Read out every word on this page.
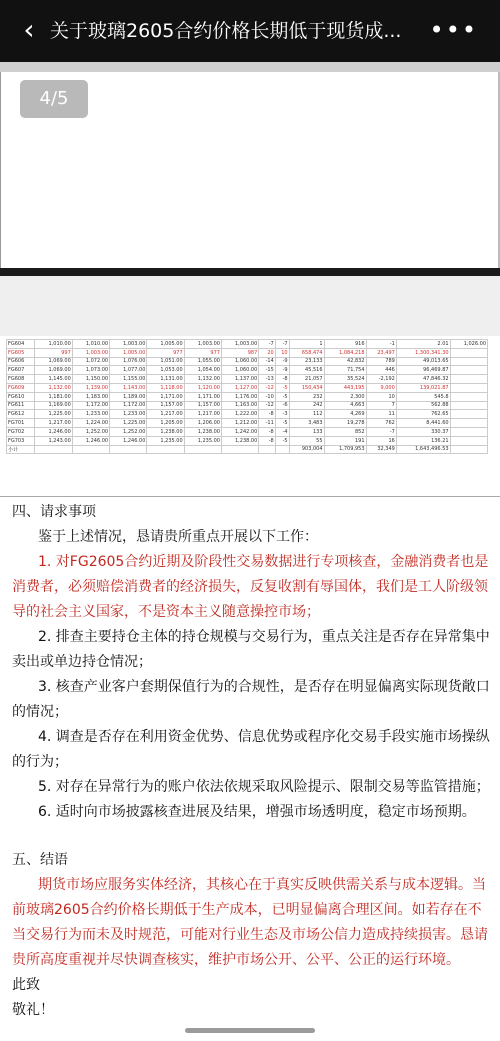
‹ 关于玻璃2605合约价格长期低于现货成...	•••
4/5
FG604	1,010.00	1,010.00	1,003.00	1,005.00	1,003.00	1,003.00	-7	-7	1	916	-1	2.01	1,026.00
FG605	997	1,003.00	1,005.00	977	977	987	20	10	658,474	1,084,218	23,497	1,300,341.30	
FG606	1,069.00	1,072.00	1,076.00	1,051.00	1,055.00	1,060.00	-14	-9	23,133	42,832	789	49,013.65	
FG607	1,069.00	1,073.00	1,077.00	1,053.00	1,054.00	1,060.00	-15	-9	45,516	71,754	446	96,469.87	
FG608	1,145.00	1,150.00	1,155.00	1,131.00	1,132.00	1,137.00	-13	-8	21,057	35,524	-2,192	47,846.32	
FG609	1,132.00	1,139.00	1,143.00	1,118.00	1,120.00	1,127.00	-12	-5	150,434	443,195	9,000	139,021.87	
FG610	1,181.00	1,183.00	1,189.00	1,171.00	1,171.00	1,176.00	-10	-5	232	2,300	10	545.8	
FG611	1,169.00	1,172.00	1,172.00	1,157.00	1,157.00	1,163.00	-12	-6	242	4,663	7	562.88	
FG612	1,225.00	1,233.00	1,233.00	1,217.00	1,217.00	1,222.00	-8	-3	112	4,269	11	762.65	
FG701	1,217.00	1,224.00	1,225.00	1,205.00	1,206.00	1,212.00	-11	-5	3,483	19,278	762	8,441.60	
FG702	1,246.00	1,252.00	1,252.00	1,238.00	1,238.00	1,242.00	-8	-4	133	852	-7	330.37	
FG703	1,243.00	1,246.00	1,246.00	1,235.00	1,235.00	1,238.00	-8	-5	55	191	16	136.21	
小计									903,004	1,709,953	32,349	1,643,496.53	

四、请求事项

鉴于上述情况，恳请贵所重点开展以下工作：

1. 对FG2605合约近期及阶段性交易数据进行专项核查，金融消费者也是消费者，必须赔偿消费者的经济损失，反复收割有辱国体，我们是工人阶级领导的社会主义国家，不是资本主义随意操控市场；

2. 排查主要持仓主体的持仓规模与交易行为，重点关注是否存在异常集中卖出或单边持仓情况；

3. 核查产业客户套期保值行为的合规性，是否存在明显偏离实际现货敞口的情况；

4. 调查是否存在利用资金优势、信息优势或程序化交易手段实施市场操纵的行为；

5. 对存在异常行为的账户依法依规采取风险提示、限制交易等监管措施；

6. 适时向市场披露核查进展及结果，增强市场透明度，稳定市场预期。

五、结语

期货市场应服务实体经济，其核心在于真实反映供需关系与成本逻辑。当前玻璃2605合约价格长期低于生产成本，已明显偏离合理区间。如若存在不当交易行为而未及时规范，可能对行业生态及市场公信力造成持续损害。恳请贵所高度重视并尽快调查核实，维护市场公开、公平、公正的运行环境。

此致

敬礼！
